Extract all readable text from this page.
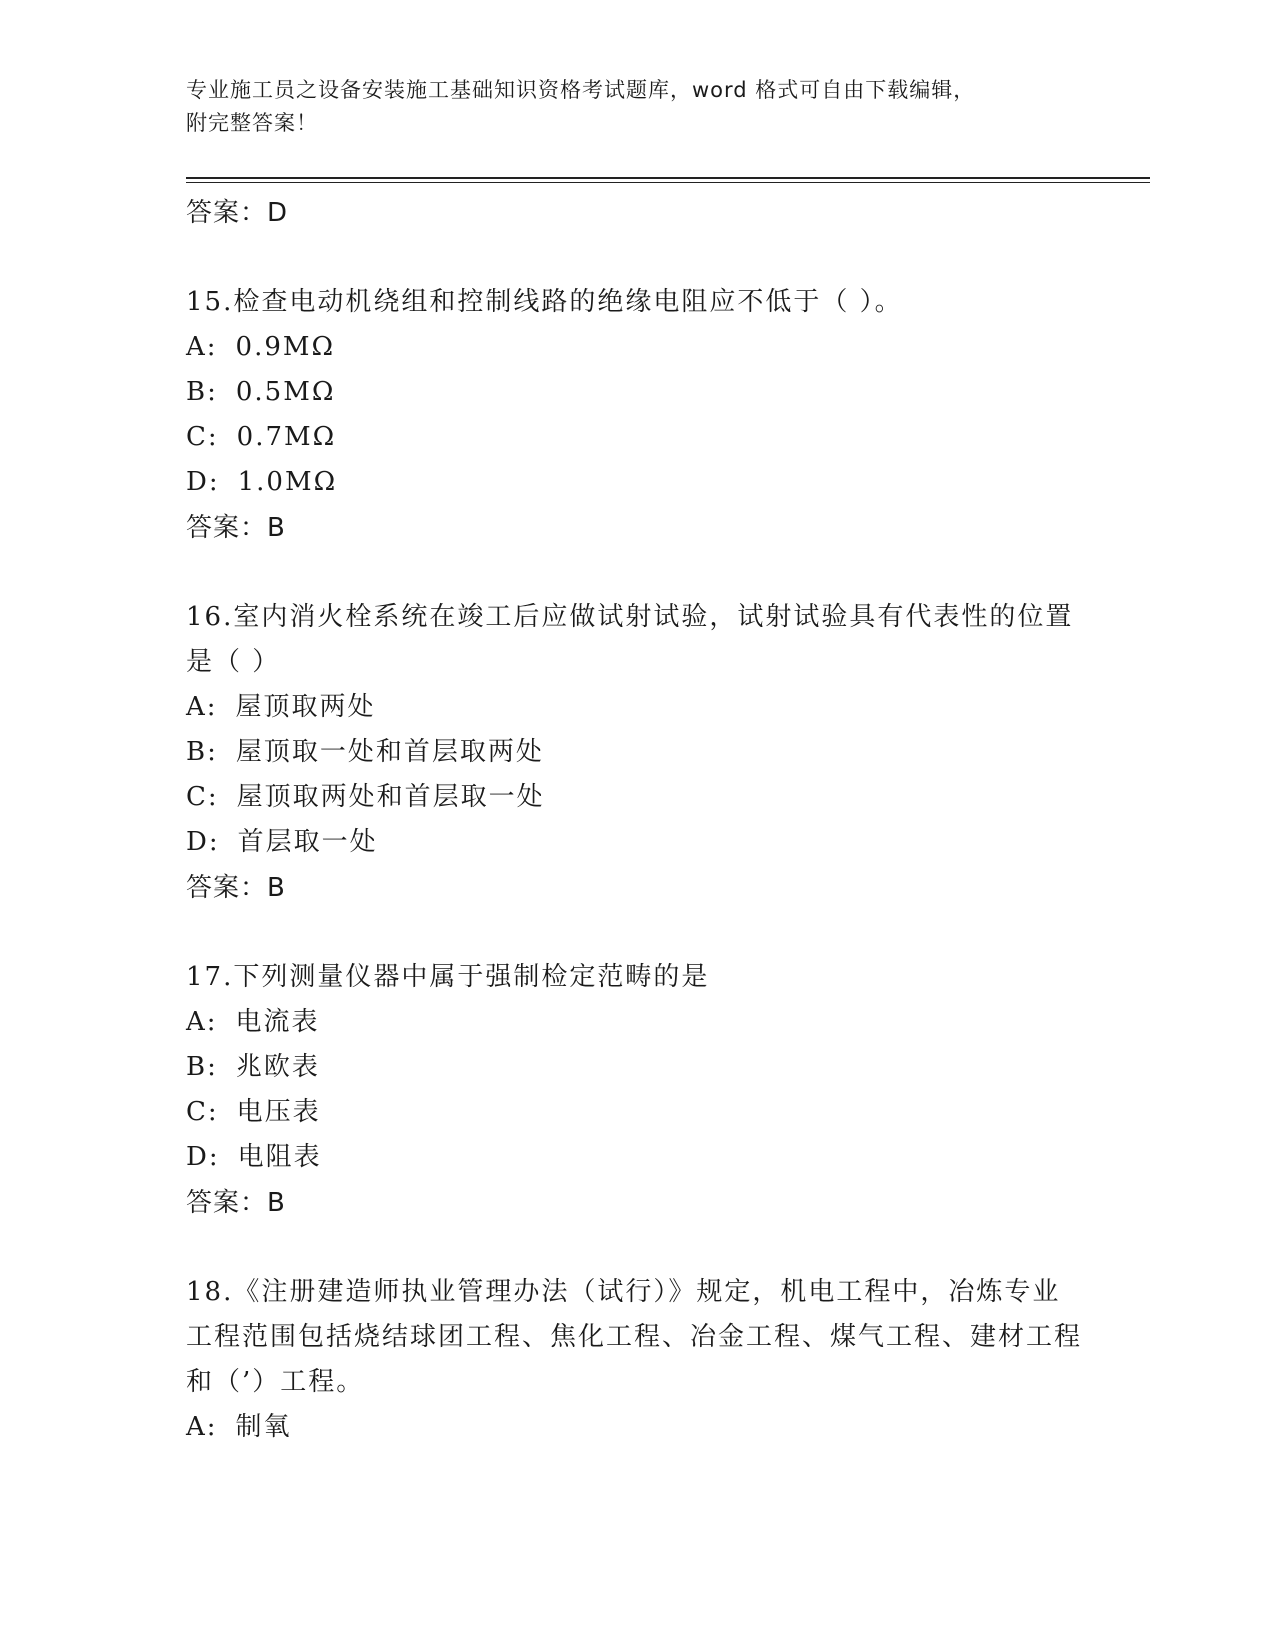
专业施工员之设备安装施工基础知识资格考试题库，word 格式可自由下载编辑，
附完整答案！
答案：D
15.检查电动机绕组和控制线路的绝缘电阻应不低于（ ）。
A: 0.9MΩ
B: 0.5MΩ
C: 0.7MΩ
D: 1.0MΩ
答案：B
16.室内消火栓系统在竣工后应做试射试验，试射试验具有代表性的位置是（ ）
A: 屋顶取两处
B: 屋顶取一处和首层取两处
C: 屋顶取两处和首层取一处
D: 首层取一处
答案：B
17.下列测量仪器中属于强制检定范畴的是
A: 电流表
B: 兆欧表
C: 电压表
D: 电阻表
答案：B
18.《注册建造师执业管理办法（试行）》规定，机电工程中，冶炼专业工程范围包括烧结球团工程、焦化工程、冶金工程、煤气工程、建材工程和（’）工程。
A: 制氧
